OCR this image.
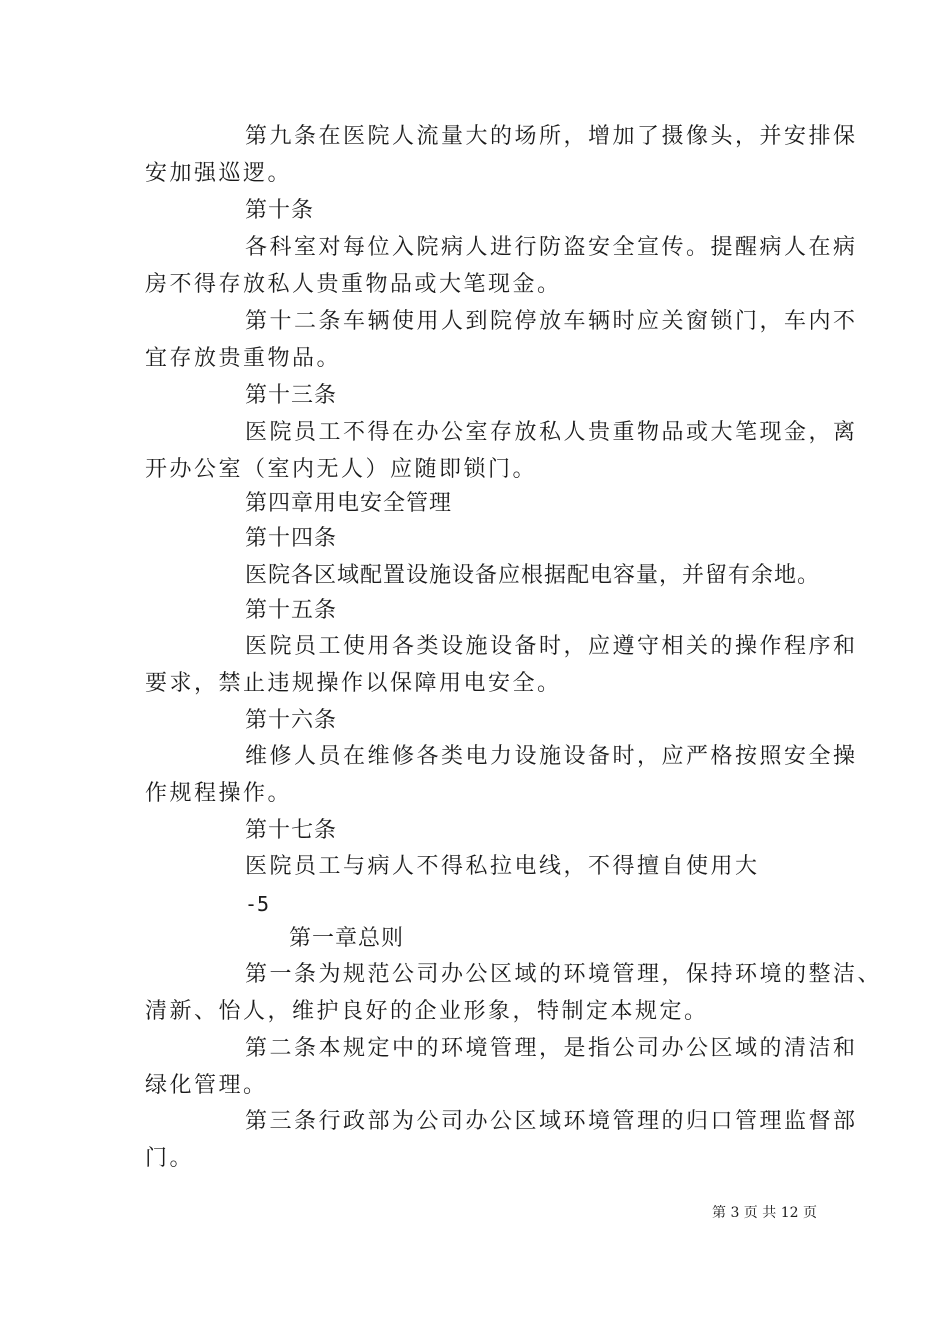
第九条在医院人流量大的场所，增加了摄像头，并安排保
安加强巡逻。
第十条
各科室对每位入院病人进行防盗安全宣传。提醒病人在病
房不得存放私人贵重物品或大笔现金。
第十二条车辆使用人到院停放车辆时应关窗锁门，车内不
宜存放贵重物品。
第十三条
医院员工不得在办公室存放私人贵重物品或大笔现金，离
开办公室（室内无人）应随即锁门。
第四章用电安全管理
第十四条
医院各区域配置设施设备应根据配电容量，并留有余地。
第十五条
医院员工使用各类设施设备时，应遵守相关的操作程序和
要求，禁止违规操作以保障用电安全。
第十六条
维修人员在维修各类电力设施设备时，应严格按照安全操
作规程操作。
第十七条
医院员工与病人不得私拉电线，不得擅自使用大
-5
第一章总则
第一条为规范公司办公区域的环境管理，保持环境的整洁、
清新、怡人，维护良好的企业形象，特制定本规定。
第二条本规定中的环境管理，是指公司办公区域的清洁和
绿化管理。
第三条行政部为公司办公区域环境管理的归口管理监督部
门。
第 3 页 共 12 页
